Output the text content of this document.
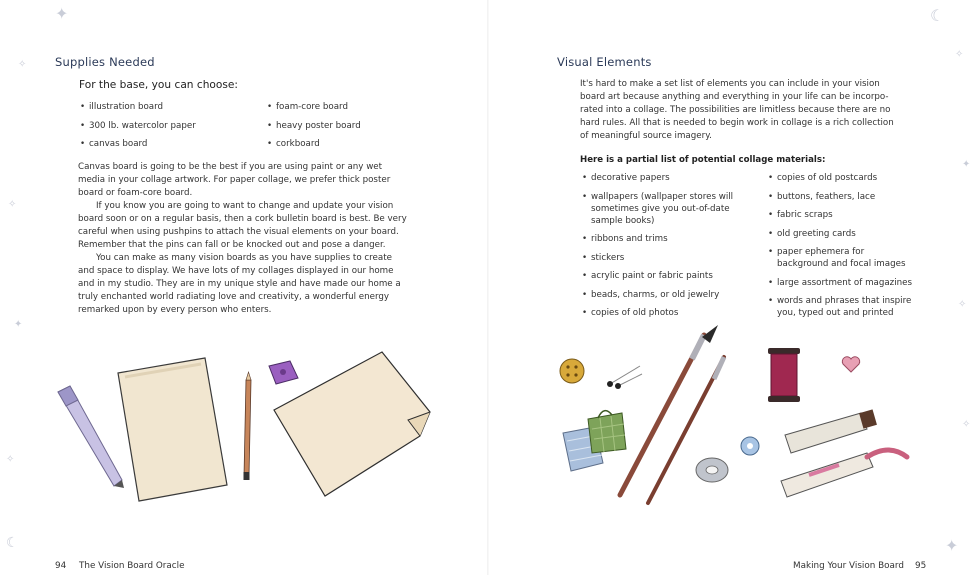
Supplies Needed
For the base, you can choose:
• illustration board
• 300 lb. watercolor paper
• canvas board
• foam-core board
• heavy poster board
• corkboard

Canvas board is going to be the best if you are using paint or any wet media in your collage artwork. For paper collage, we prefer thick poster board or foam-core board.

If you know you are going to want to change and update your vision board soon or on a regular basis, then a cork bulletin board is best. Be very careful when using pushpins to attach the visual elements on your board. Remember that the pins can fall or be knocked out and pose a danger.

You can make as many vision boards as you have supplies to create and space to display. We have lots of my collages displayed in our home and in my studio. They are in my unique style and have made our home a truly enchanted world radiating love and creativity, a wonderful energy remarked upon by every person who enters.

94 The Vision Board Oracle
Visual Elements

It's hard to make a set list of elements you can include in your vision board art because anything and everything in your life can be incorpo-rated into a collage. The possibilities are limitless because there are no hard rules. All that is needed to begin work in collage is a rich collection of meaningful source imagery.

Here is a partial list of potential collage materials:
• decorative papers
• wallpapers (wallpaper stores will sometimes give you out-of-date sample books)
• ribbons and trims
• stickers
• acrylic paint or fabric paints
• beads, charms, or old jewelry
• copies of old photos
• copies of old postcards
• buttons, feathers, lace
• fabric scraps
• old greeting cards
• paper ephemera for background and focal images
• large assortment of magazines
• words and phrases that inspire you, typed out and printed
Making Your Vision Board 95
✦
✧
✧
✦
✧
☾
☾
✧
✦
✧
✧
✦
